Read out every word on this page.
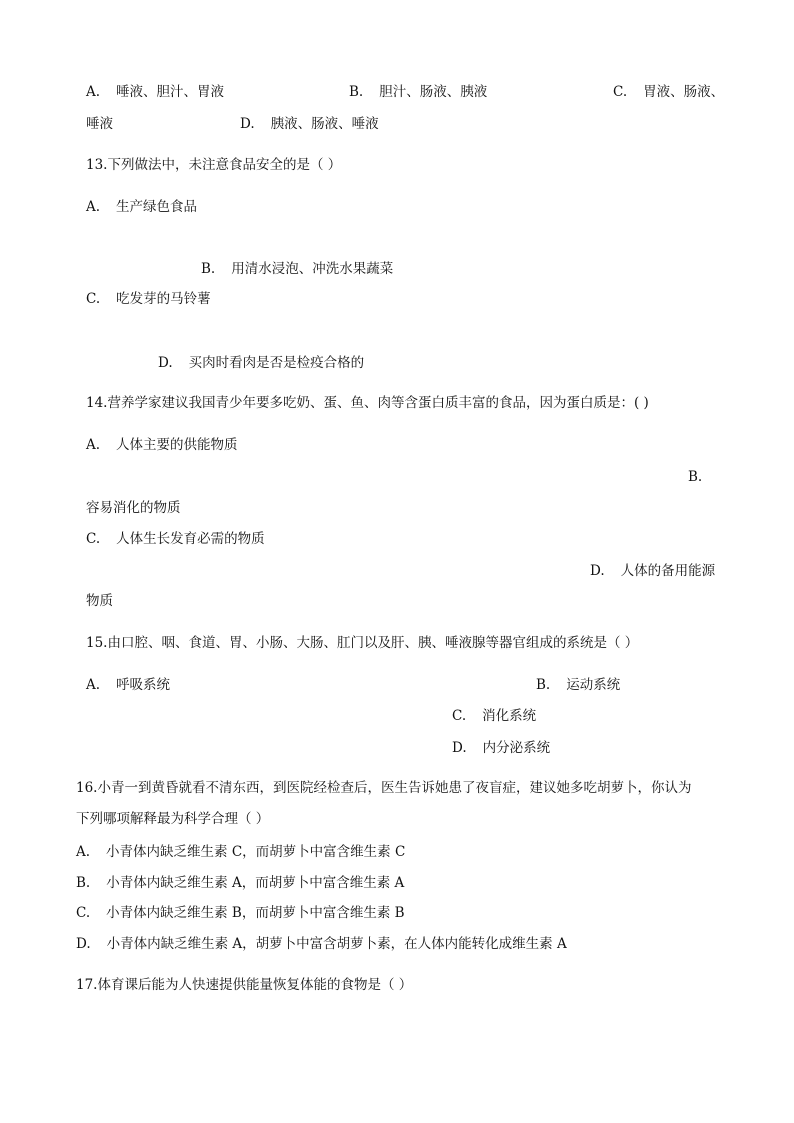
A. 唾液、胆汁、胃液	B. 胆汁、肠液、胰液	C. 胃液、肠液、
唾液	D. 胰液、肠液、唾液
13.下列做法中，未注意食品安全的是（ ）
A. 生产绿色食品
B. 用清水浸泡、冲洗水果蔬菜
C. 吃发芽的马铃薯
D. 买肉时看肉是否是检疫合格的
14.营养学家建议我国青少年要多吃奶、蛋、鱼、肉等含蛋白质丰富的食品，因为蛋白质是：( )
A. 人体主要的供能物质
B.
容易消化的物质
C. 人体生长发育必需的物质
D. 人体的备用能源
物质
15.由口腔、咽、食道、胃、小肠、大肠、肛门以及肝、胰、唾液腺等器官组成的系统是（ ）
A. 呼吸系统	B. 运动系统
C. 消化系统
D. 内分泌系统
16.小青一到黄昏就看不清东西，到医院经检查后，医生告诉她患了夜盲症，建议她多吃胡萝卜，你认为
下列哪项解释最为科学合理（ ）
A. 小青体内缺乏维生素 C，而胡萝卜中富含维生素 C
B. 小青体内缺乏维生素 A，而胡萝卜中富含维生素 A
C. 小青体内缺乏维生素 B，而胡萝卜中富含维生素 B
D. 小青体内缺乏维生素 A，胡萝卜中富含胡萝卜素，在人体内能转化成维生素 A
17.体育课后能为人快速提供能量恢复体能的食物是（ ）
